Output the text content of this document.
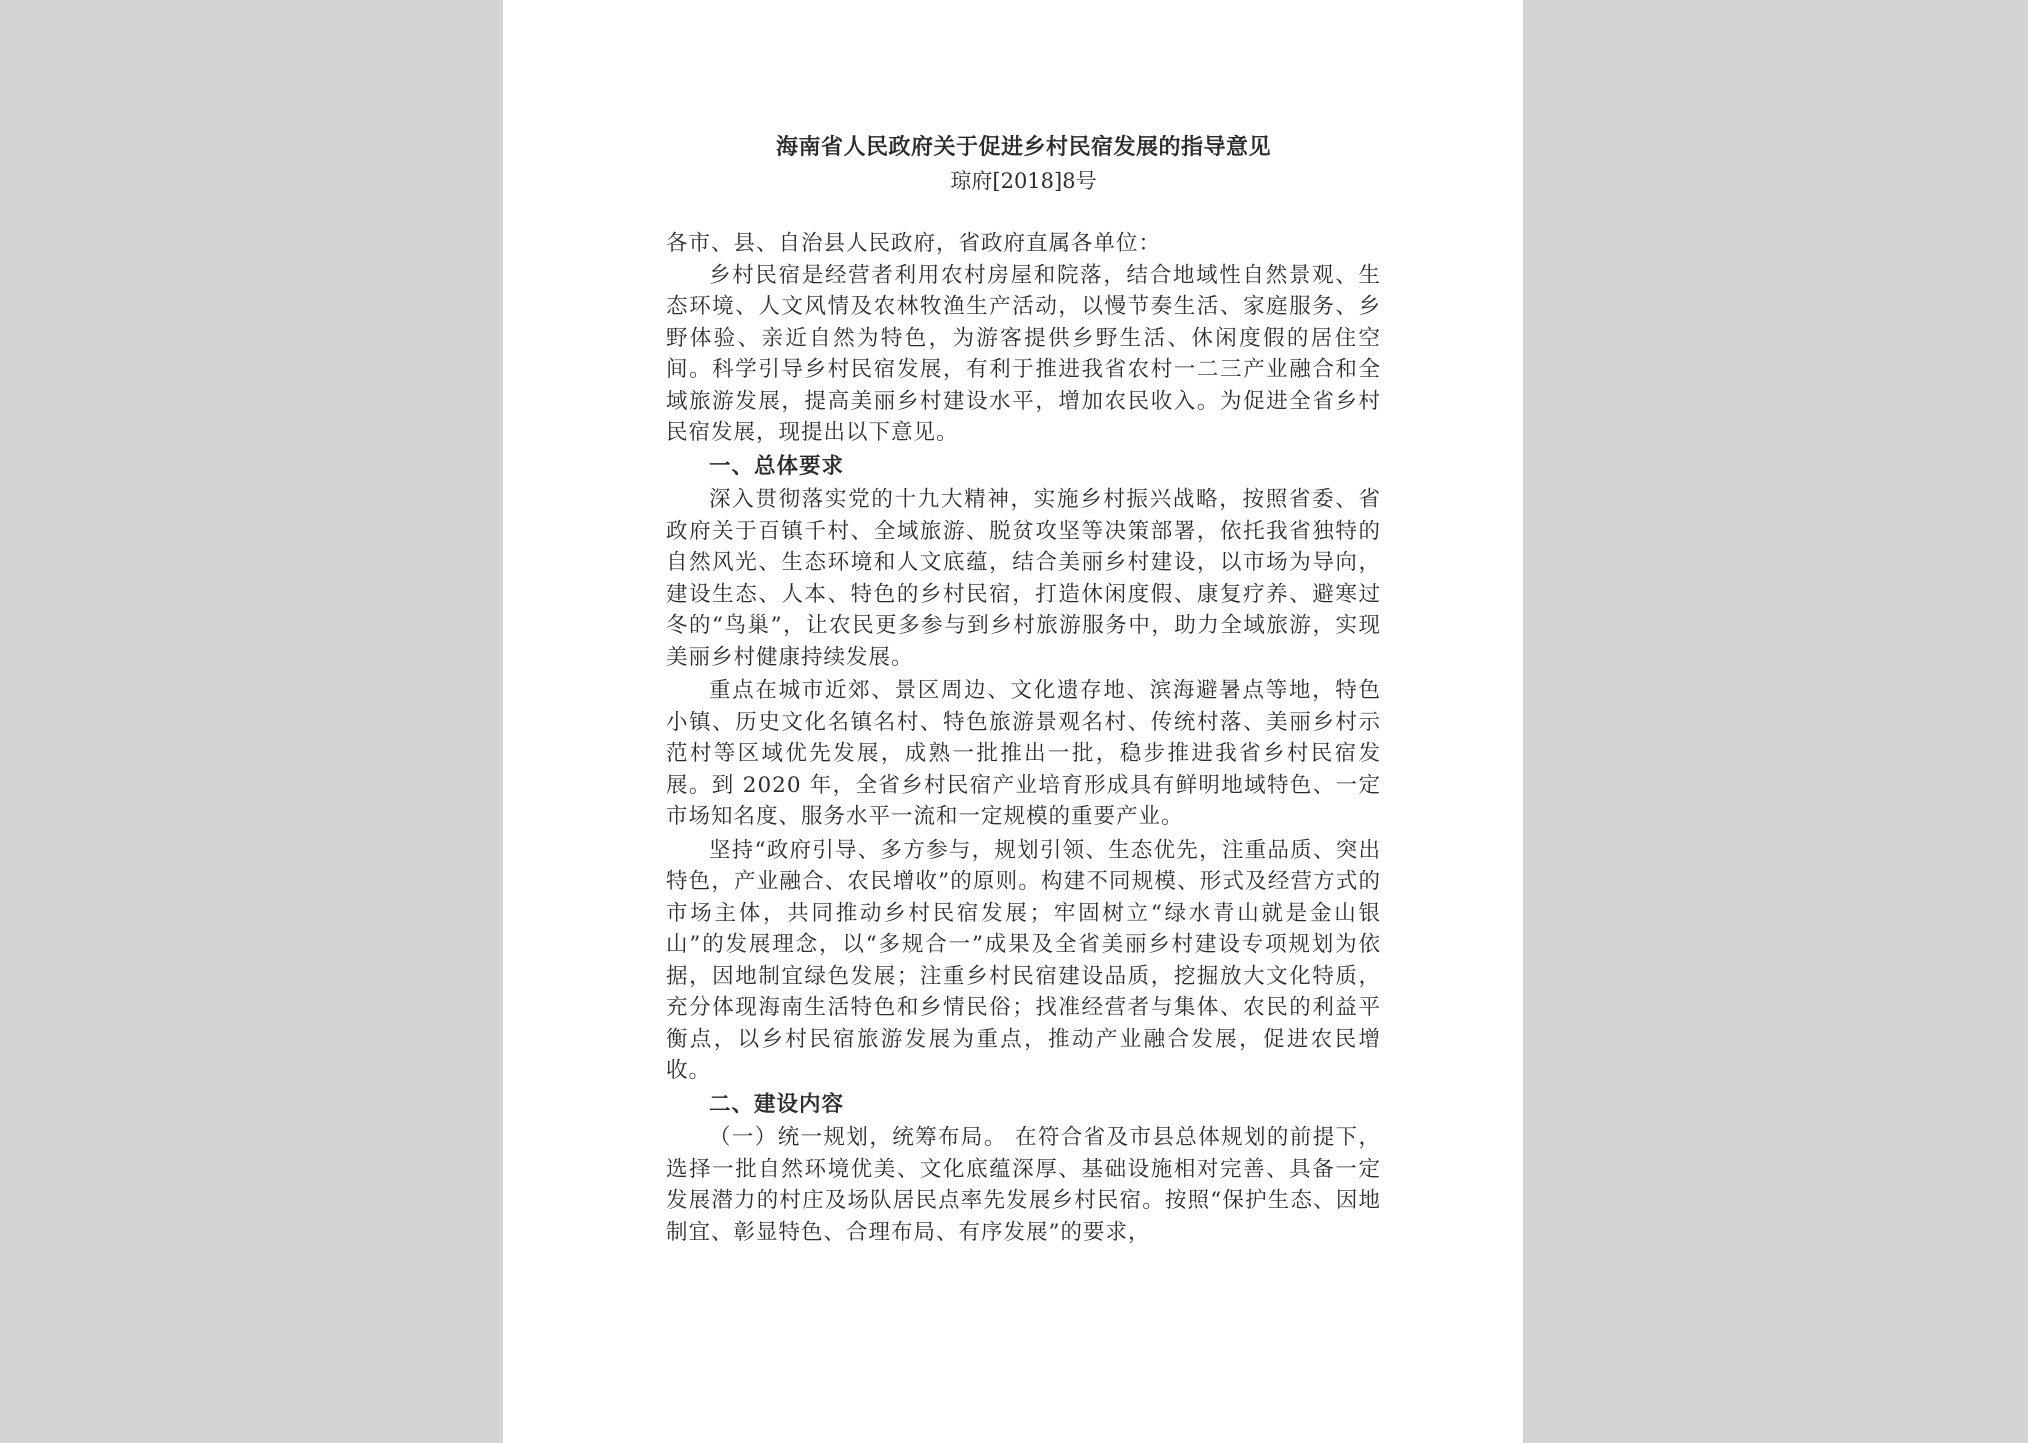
海南省人民政府关于促进乡村民宿发展的指导意见

琼府[2018]8号

各市、县、自治县人民政府，省政府直属各单位：

乡村民宿是经营者利用农村房屋和院落，结合地域性自然景观、生态环境、人文风情及农林牧渔生产活动，以慢节奏生活、家庭服务、乡野体验、亲近自然为特色，为游客提供乡野生活、休闲度假的居住空间。科学引导乡村民宿发展，有利于推进我省农村一二三产业融合和全域旅游发展，提高美丽乡村建设水平，增加农民收入。为促进全省乡村民宿发展，现提出以下意见。

一、总体要求

深入贯彻落实党的十九大精神，实施乡村振兴战略，按照省委、省政府关于百镇千村、全域旅游、脱贫攻坚等决策部署，依托我省独特的自然风光、生态环境和人文底蕴，结合美丽乡村建设，以市场为导向，建设生态、人本、特色的乡村民宿，打造休闲度假、康复疗养、避寒过冬的“鸟巢”，让农民更多参与到乡村旅游服务中，助力全域旅游，实现美丽乡村健康持续发展。

重点在城市近郊、景区周边、文化遗存地、滨海避暑点等地，特色小镇、历史文化名镇名村、特色旅游景观名村、传统村落、美丽乡村示范村等区域优先发展，成熟一批推出一批，稳步推进我省乡村民宿发展。到 2020 年，全省乡村民宿产业培育形成具有鲜明地域特色、一定市场知名度、服务水平一流和一定规模的重要产业。

坚持“政府引导、多方参与，规划引领、生态优先，注重品质、突出特色，产业融合、农民增收”的原则。构建不同规模、形式及经营方式的市场主体，共同推动乡村民宿发展；牢固树立“绿水青山就是金山银山”的发展理念，以“多规合一”成果及全省美丽乡村建设专项规划为依据，因地制宜绿色发展；注重乡村民宿建设品质，挖掘放大文化特质，充分体现海南生活特色和乡情民俗；找准经营者与集体、农民的利益平衡点，以乡村民宿旅游发展为重点，推动产业融合发展，促进农民增收。

二、建设内容

（一）统一规划，统筹布局。 在符合省及市县总体规划的前提下，选择一批自然环境优美、文化底蕴深厚、基础设施相对完善、具备一定发展潜力的村庄及场队居民点率先发展乡村民宿。按照“保护生态、因地制宜、彰显特色、合理布局、有序发展”的要求，
